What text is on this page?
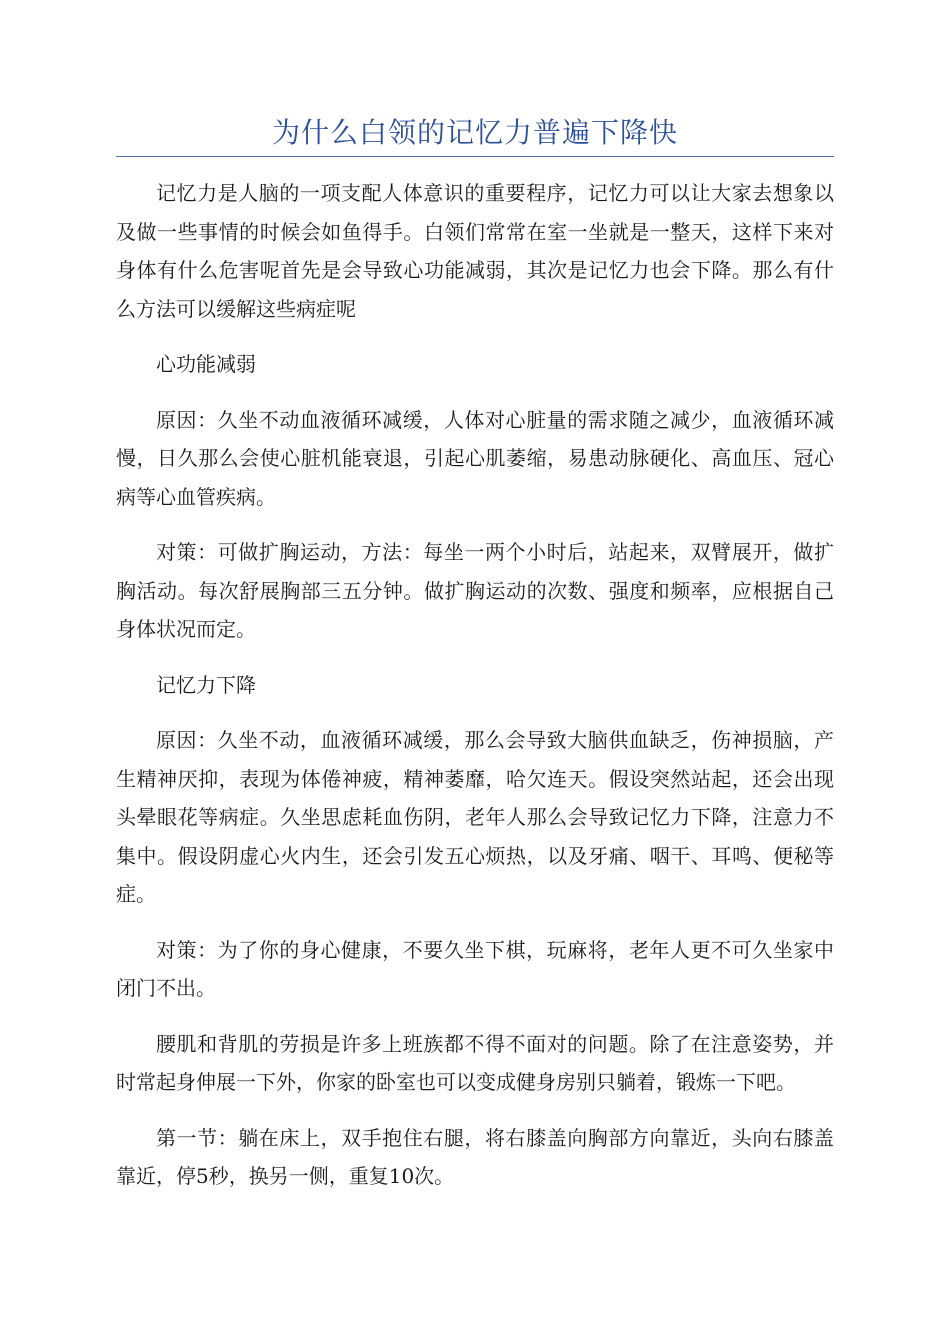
为什么白领的记忆力普遍下降快

记忆力是人脑的一项支配人体意识的重要程序，记忆力可以让大家去想象以及做一些事情的时候会如鱼得手。白领们常常在室一坐就是一整天，这样下来对身体有什么危害呢首先是会导致心功能减弱，其次是记忆力也会下降。那么有什么方法可以缓解这些病症呢

心功能减弱

原因：久坐不动血液循环减缓，人体对心脏量的需求随之减少，血液循环减慢，日久那么会使心脏机能衰退，引起心肌萎缩，易患动脉硬化、高血压、冠心病等心血管疾病。

对策：可做扩胸运动，方法：每坐一两个小时后，站起来，双臂展开，做扩胸活动。每次舒展胸部三五分钟。做扩胸运动的次数、强度和频率，应根据自己身体状况而定。

记忆力下降

原因：久坐不动，血液循环减缓，那么会导致大脑供血缺乏，伤神损脑，产生精神厌抑，表现为体倦神疲，精神萎靡，哈欠连天。假设突然站起，还会出现头晕眼花等病症。久坐思虑耗血伤阴，老年人那么会导致记忆力下降，注意力不集中。假设阴虚心火内生，还会引发五心烦热，以及牙痛、咽干、耳鸣、便秘等症。

对策：为了你的身心健康，不要久坐下棋，玩麻将，老年人更不可久坐家中闭门不出。

腰肌和背肌的劳损是许多上班族都不得不面对的问题。除了在注意姿势，并时常起身伸展一下外，你家的卧室也可以变成健身房别只躺着，锻炼一下吧。

第一节：躺在床上，双手抱住右腿，将右膝盖向胸部方向靠近，头向右膝盖靠近，停5秒，换另一侧，重复10次。
